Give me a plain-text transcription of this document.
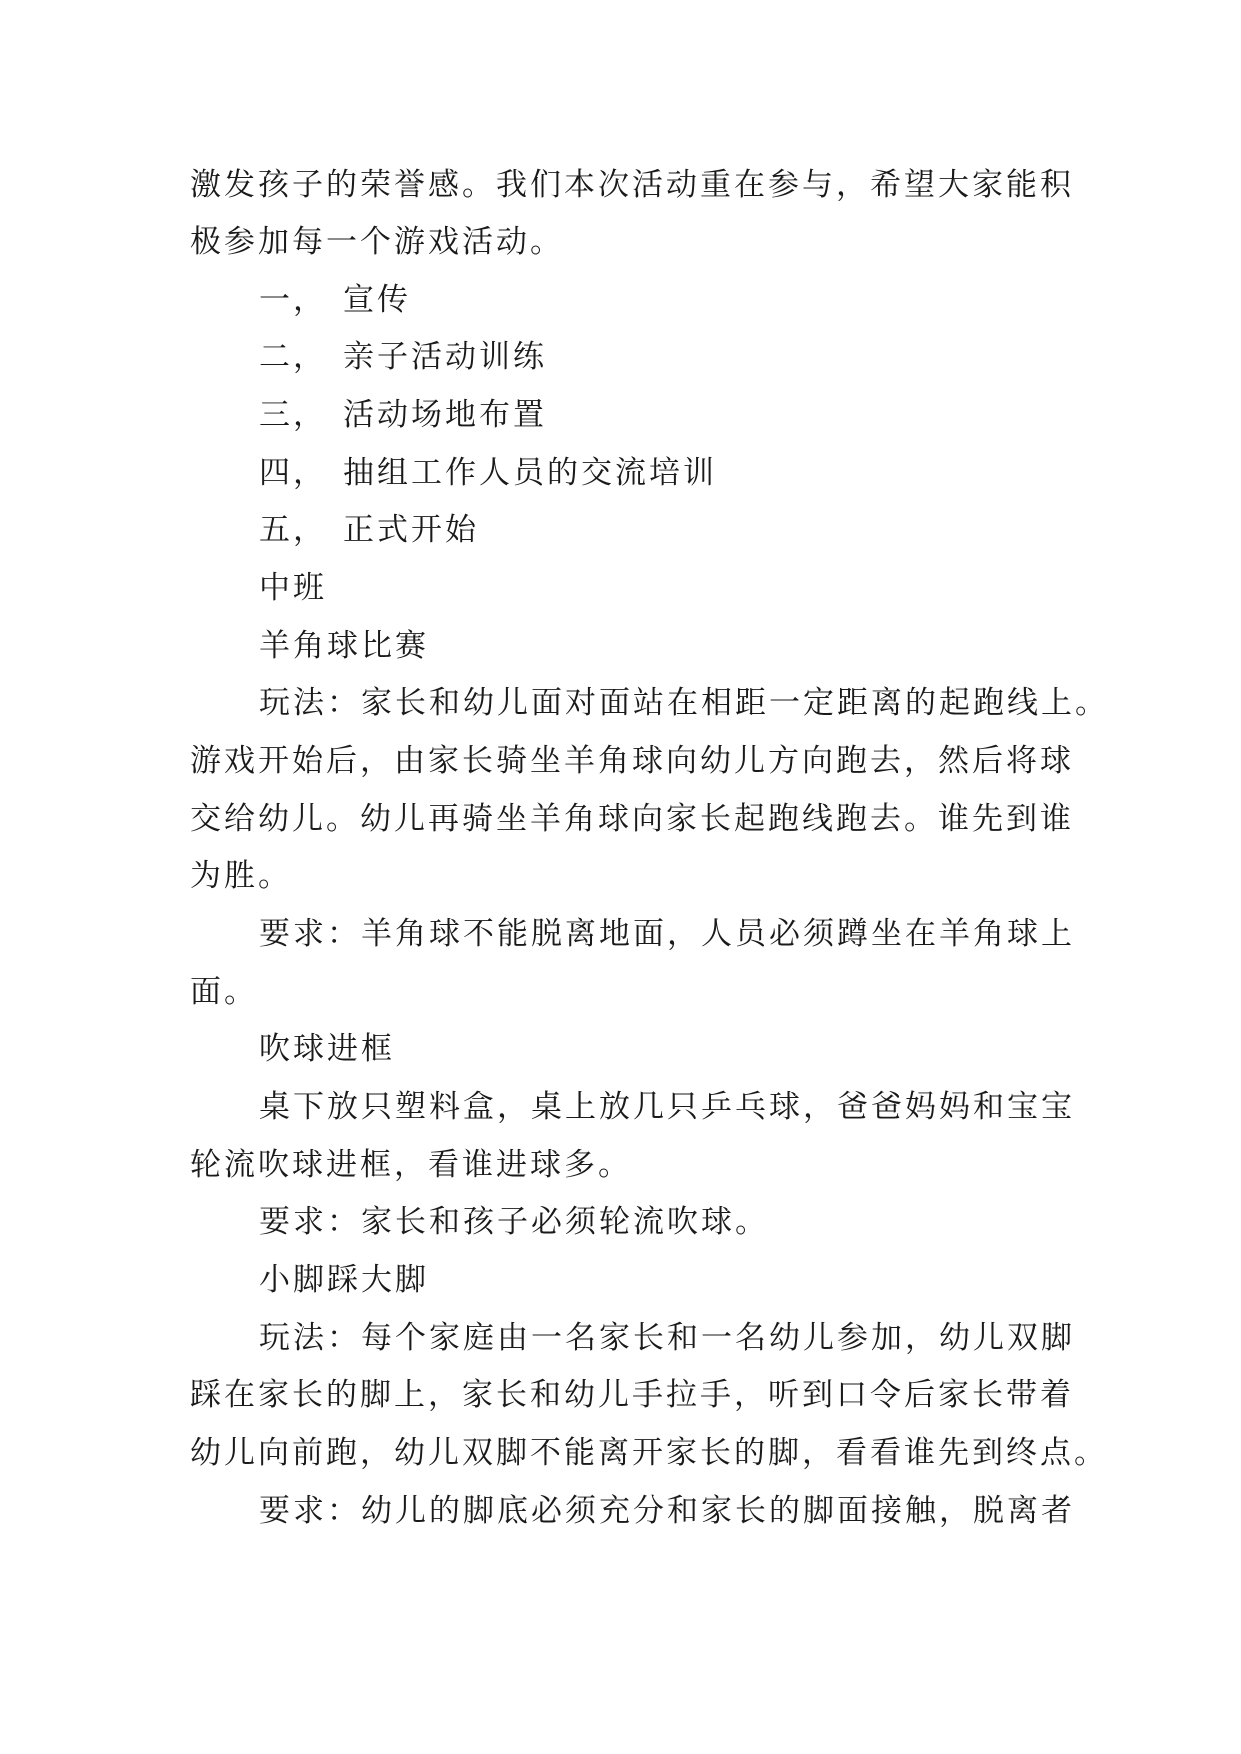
激发孩子的荣誉感。我们本次活动重在参与，希望大家能积

极参加每一个游戏活动。

一， 宣传

二， 亲子活动训练

三， 活动场地布置

四， 抽组工作人员的交流培训

五， 正式开始

中班

羊角球比赛

玩法：家长和幼儿面对面站在相距一定距离的起跑线上。

游戏开始后，由家长骑坐羊角球向幼儿方向跑去，然后将球

交给幼儿。幼儿再骑坐羊角球向家长起跑线跑去。谁先到谁

为胜。

要求：羊角球不能脱离地面，人员必须蹲坐在羊角球上

面。

吹球进框

桌下放只塑料盒，桌上放几只乒乓球，爸爸妈妈和宝宝

轮流吹球进框，看谁进球多。

要求：家长和孩子必须轮流吹球。

小脚踩大脚

玩法：每个家庭由一名家长和一名幼儿参加，幼儿双脚

踩在家长的脚上，家长和幼儿手拉手，听到口令后家长带着

幼儿向前跑，幼儿双脚不能离开家长的脚，看看谁先到终点。

要求：幼儿的脚底必须充分和家长的脚面接触，脱离者
